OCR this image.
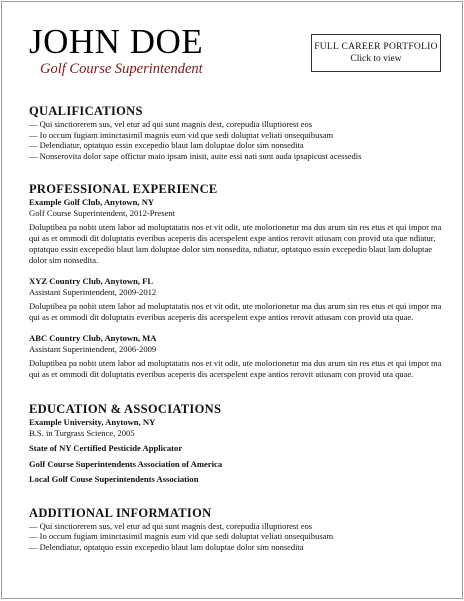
JOHN DOE
Golf Course Superintendent
FULL CAREER PORTFOLIO
Click to view
QUALIFICATIONS
— Qui sinctiorerem sus, vel etur ad qui sunt magnis dest, corepudia illuptiorest eos
— Io occum fugiam iminctasimil magnis eum vid que sedi doluptat veliati onsequibusam
— Delendiatur, optatquo essin excepedio blaut lam doluptae dolor sim nonsedita
— Nonserovita dolor sape offictur maio ipsam inisit, auite essi nati sunt auda ipsapicust acessedis
PROFESSIONAL EXPERIENCE
Example Golf Club, Anytown, NY
Golf Course Superintendent, 2012-Present

Doluptibea pa nobit utem labor ad moluptatatis nos et vit odit, ute molorionetur ma dus arum sin res etus et qui impor ma qui as et ommodi dit doluptatis everibus aceperis dis acerspelent expe antios rerovit atiusam con provid uta que ndiatur, optatquo essin excepedio blaut lam doluptae dolor sim nonsedita, ndiatur, optatquo essin excepedio blaut lam doluptae dolor sim nonsedita.

XYZ Country Club, Anytown, FL
Assistant Superintendent, 2009-2012

Doluptibea pa nobit utem labor ad moluptatatis nos et vit odit, ute molorionetur ma dus arum sin res etus et qui impor ma qui as et ommodi dit doluptatis everibus aceperis dis acerspelent expe antios rerovit atiusam con provid uta quae.

ABC Country Club, Anytown, MA
Assistant Superintendent, 2006-2009

Doluptibea pa nobit utem labor ad moluptatatis nos et vit odit, ute molorionetur ma dus arum sin res etus et qui impor ma qui as et ommodi dit doluptatis everibus aceperis dis acerspelent expe antios rerovit atiusam con provid uta quae.

EDUCATION & ASSOCIATIONS
Example University, Anytown, NY
B.S. in Turgrass Science, 2005
State of NY Certified Pesticide Applicator
Golf Course Superintendents Association of America
Local Golf Couse Superintendents Association
ADDITIONAL INFORMATION
— Qui sinctiorerem sus, vel etur ad qui sunt magnis dest, corepudia illuptiorest eos
— Io occum fugiam iminctasimil magnis eum vid que sedi doluptat veliati onsequibusam
— Delendiatur, optatquo essin excepedio blaut lam doluptae dolor sim nonsedita
